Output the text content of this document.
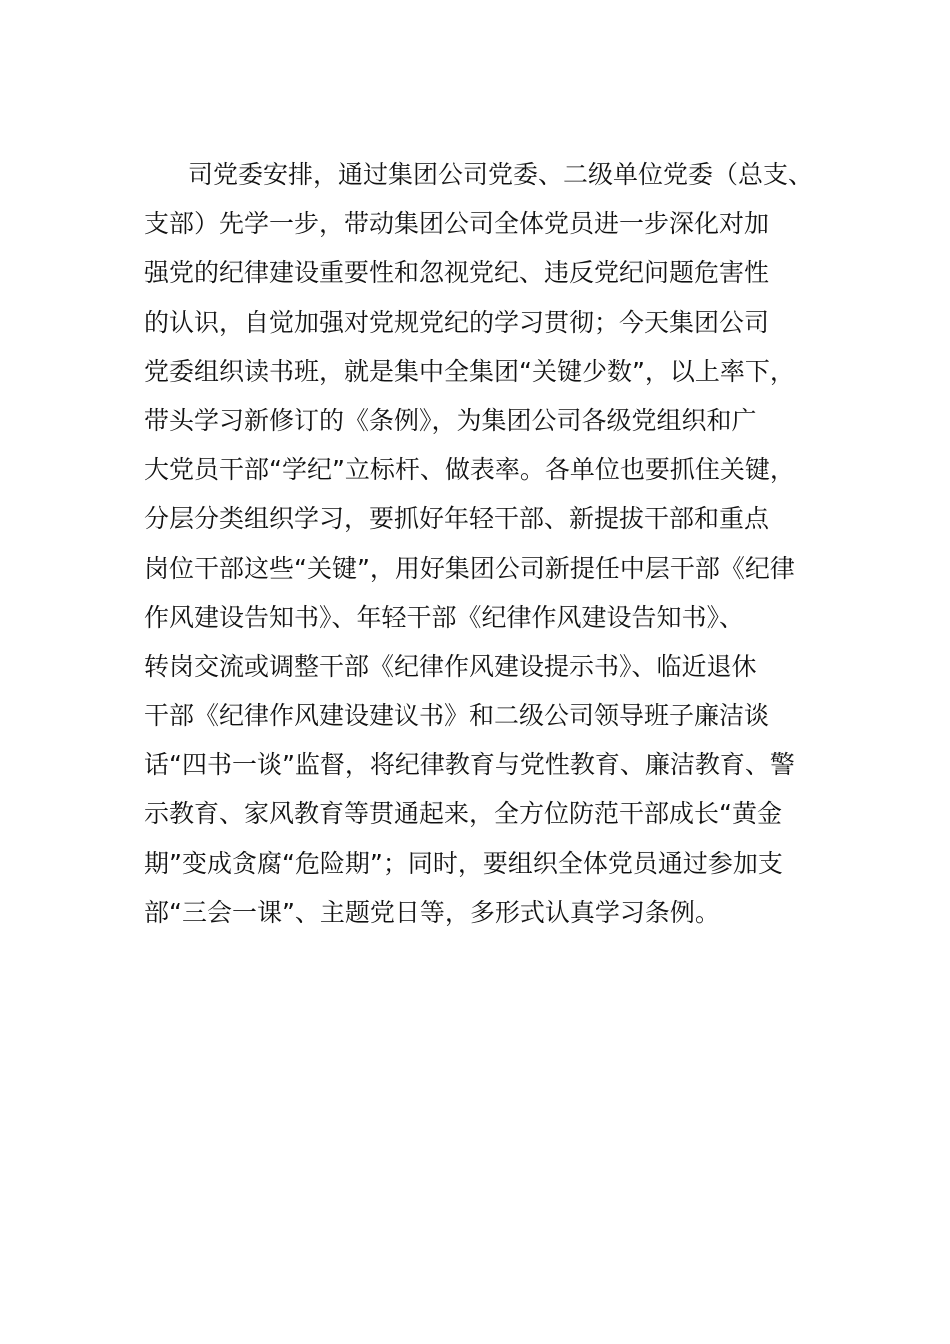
司党委安排，通过集团公司党委、二级单位党委（总支、
支部）先学一步，带动集团公司全体党员进一步深化对加
强党的纪律建设重要性和忽视党纪、违反党纪问题危害性
的认识，自觉加强对党规党纪的学习贯彻；今天集团公司
党委组织读书班，就是集中全集团“关键少数”，以上率下，
带头学习新修订的《条例》，为集团公司各级党组织和广
大党员干部“学纪”立标杆、做表率。各单位也要抓住关键，
分层分类组织学习，要抓好年轻干部、新提拔干部和重点
岗位干部这些“关键”，用好集团公司新提任中层干部《纪律
作风建设告知书》、年轻干部《纪律作风建设告知书》、
转岗交流或调整干部《纪律作风建设提示书》、临近退休
干部《纪律作风建设建议书》和二级公司领导班子廉洁谈
话“四书一谈”监督，将纪律教育与党性教育、廉洁教育、警
示教育、家风教育等贯通起来，全方位防范干部成长“黄金
期”变成贪腐“危险期”；同时，要组织全体党员通过参加支
部“三会一课”、主题党日等，多形式认真学习条例。
